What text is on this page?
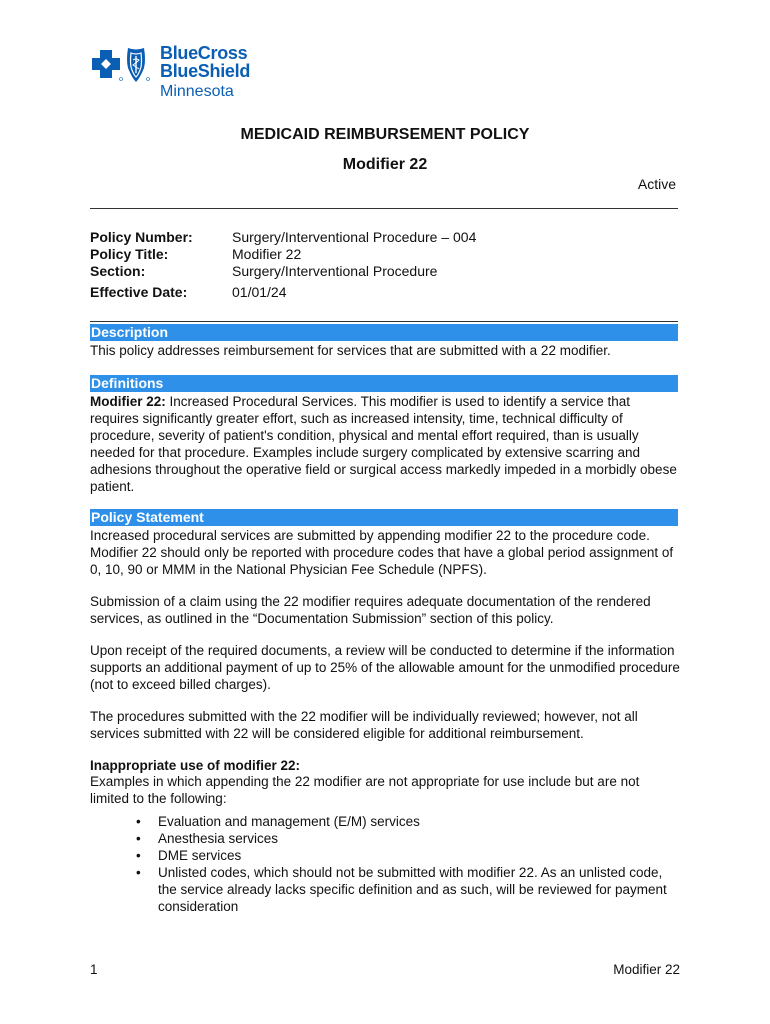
BlueCross
BlueShield
Minnesota
MEDICAID REIMBURSEMENT POLICY
Modifier 22
Active
Policy Number:	Surgery/Interventional Procedure – 004
Policy Title:	Modifier 22
Section:	Surgery/Interventional Procedure
Effective Date:	01/01/24
Description
This policy addresses reimbursement for services that are submitted with a 22 modifier.
Definitions
Modifier 22: Increased Procedural Services. This modifier is used to identify a service that requires significantly greater effort, such as increased intensity, time, technical difficulty of procedure, severity of patient's condition, physical and mental effort required, than is usually needed for that procedure. Examples include surgery complicated by extensive scarring and adhesions throughout the operative field or surgical access markedly impeded in a morbidly obese patient.
Policy Statement
Increased procedural services are submitted by appending modifier 22 to the procedure code. Modifier 22 should only be reported with procedure codes that have a global period assignment of 0, 10, 90 or MMM in the National Physician Fee Schedule (NPFS).
Submission of a claim using the 22 modifier requires adequate documentation of the rendered services, as outlined in the “Documentation Submission” section of this policy.
Upon receipt of the required documents, a review will be conducted to determine if the information supports an additional payment of up to 25% of the allowable amount for the unmodified procedure (not to exceed billed charges).
The procedures submitted with the 22 modifier will be individually reviewed; however, not all services submitted with 22 will be considered eligible for additional reimbursement.
Inappropriate use of modifier 22:
Examples in which appending the 22 modifier are not appropriate for use include but are not limited to the following:
• Evaluation and management (E/M) services
• Anesthesia services
• DME services
• Unlisted codes, which should not be submitted with modifier 22. As an unlisted code, the service already lacks specific definition and as such, will be reviewed for payment consideration
1	Modifier 22
